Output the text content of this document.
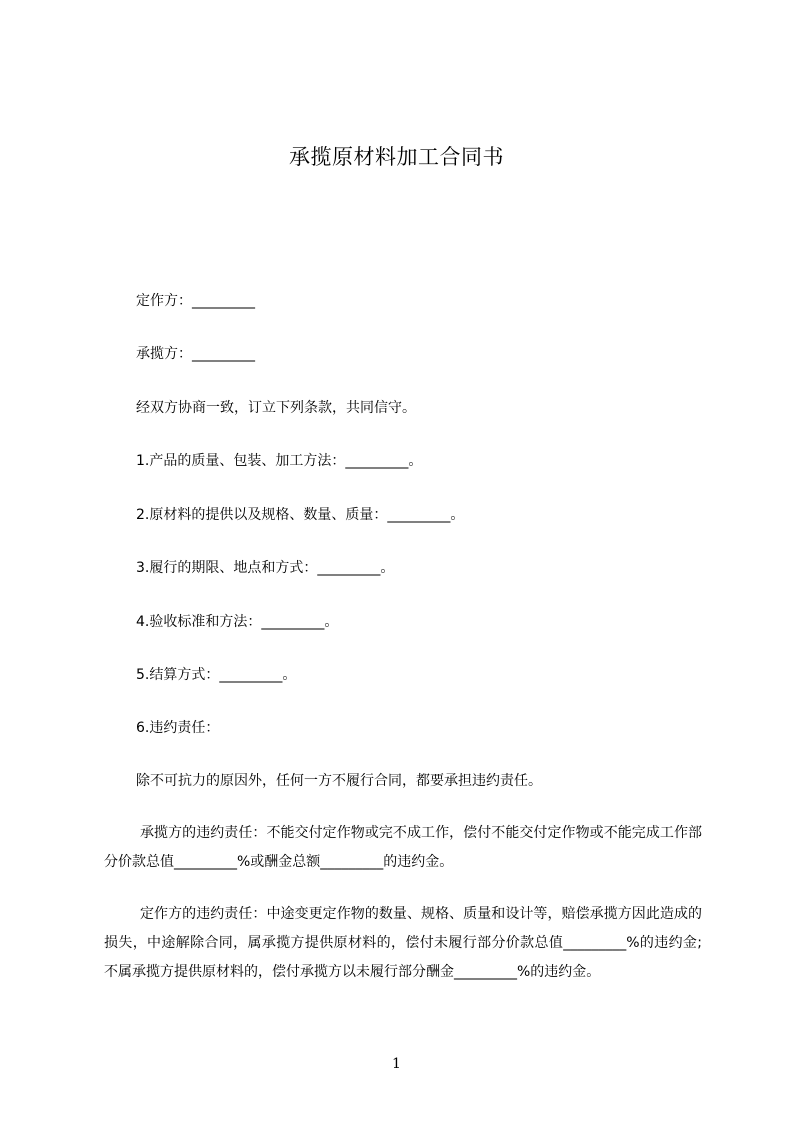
承揽原材料加工合同书

定作方：_________

承揽方：_________

经双方协商一致，订立下列条款，共同信守。

1.产品的质量、包装、加工方法：_________。

2.原材料的提供以及规格、数量、质量：_________。

3.履行的期限、地点和方式：_________。

4.验收标准和方法：_________。

5.结算方式：_________。

6.违约责任：

除不可抗力的原因外，任何一方不履行合同，都要承担违约责任。

承揽方的违约责任：不能交付定作物或完不成工作，偿付不能交付定作物或不能完成工作部分价款总值_________%或酬金总额_________的违约金。

定作方的违约责任：中途变更定作物的数量、规格、质量和设计等，赔偿承揽方因此造成的损失，中途解除合同，属承揽方提供原材料的，偿付未履行部分价款总值_________%的违约金;不属承揽方提供原材料的，偿付承揽方以未履行部分酬金_________%的违约金。

1
